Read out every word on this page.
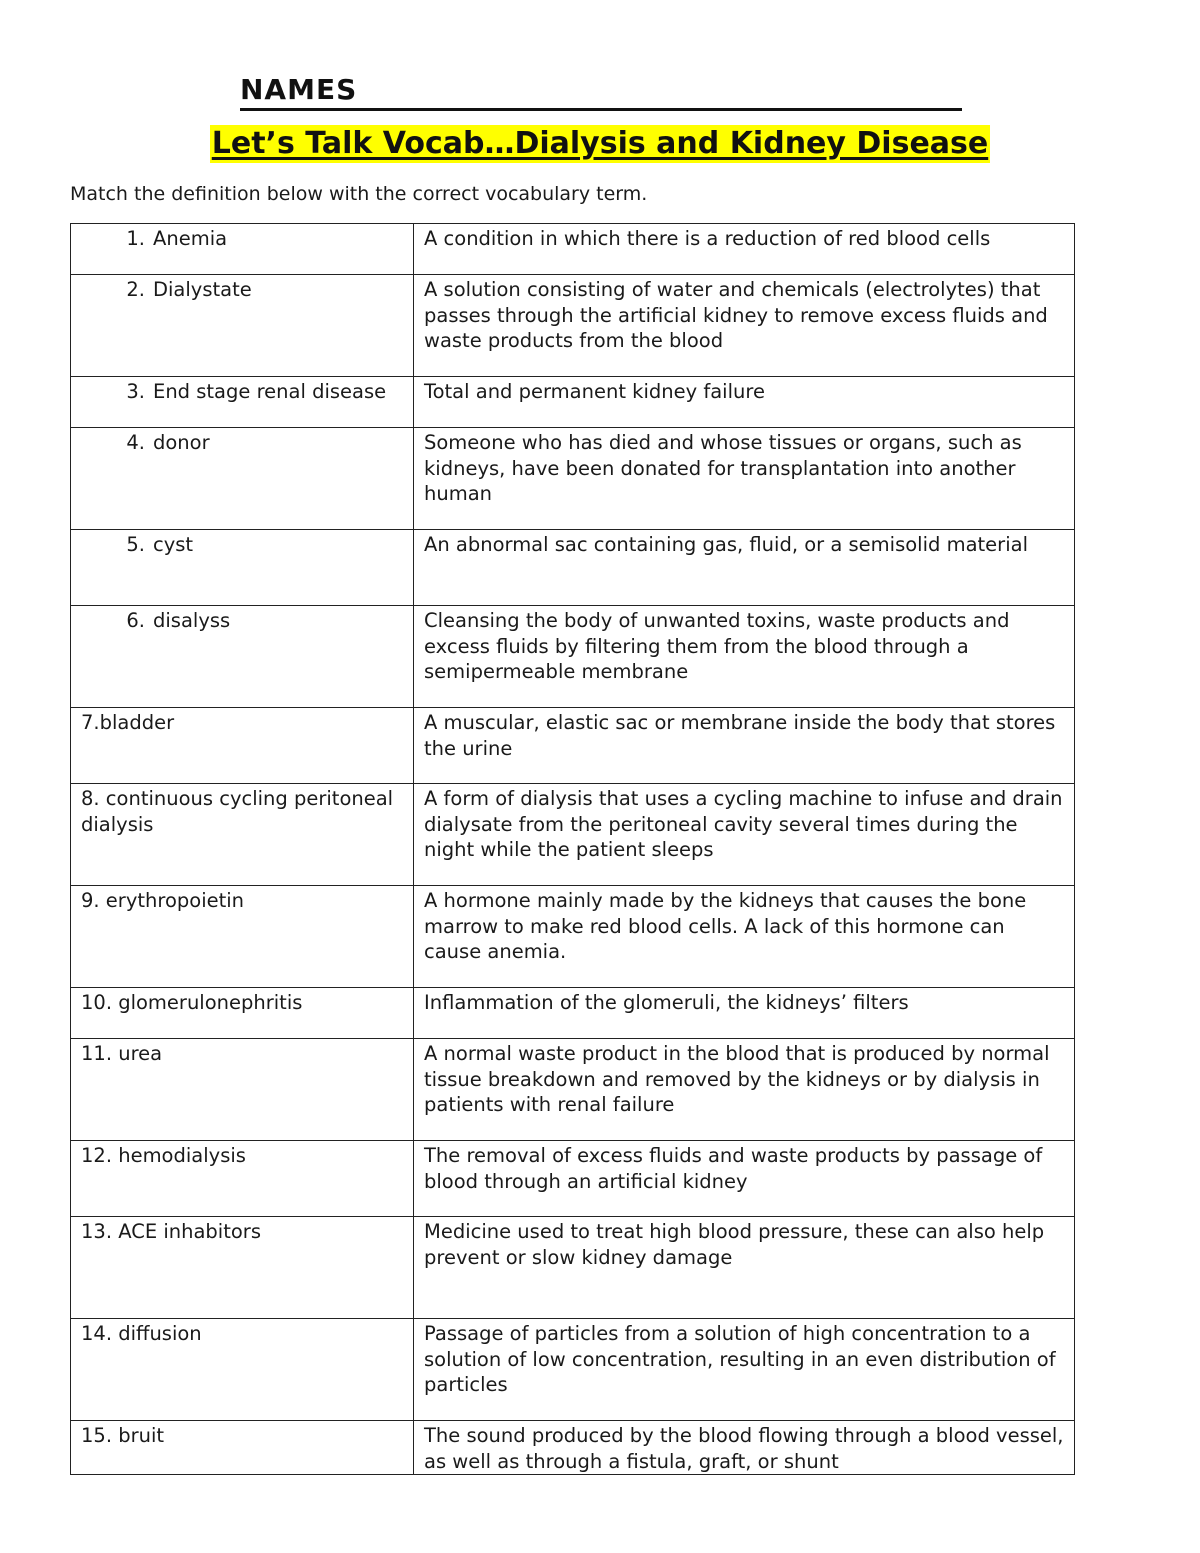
NAMES
Let’s Talk Vocab…Dialysis and Kidney Disease
Match the definition below with the correct vocabulary term.
1. Anemia	A condition in which there is a reduction of red blood cells

2. Dialystate	A solution consisting of water and chemicals (electrolytes) that passes through the artificial kidney to remove excess fluids and waste products from the blood

3. End stage renal disease	Total and permanent kidney failure

4. donor	Someone who has died and whose tissues or organs, such as kidneys, have been donated for transplantation into another human

5. cyst	An abnormal sac containing gas, fluid, or a semisolid material

6. disalyss	Cleansing the body of unwanted toxins, waste products and excess fluids by filtering them from the blood through a semipermeable membrane
7.bladder	A muscular, elastic sac or membrane inside the body that stores the urine
8. continuous cycling peritoneal dialysis	A form of dialysis that uses a cycling machine to infuse and drain dialysate from the peritoneal cavity several times during the night while the patient sleeps
9. erythropoietin	A hormone mainly made by the kidneys that causes the bone marrow to make red blood cells. A lack of this hormone can cause anemia.
10. glomerulonephritis	Inflammation of the glomeruli, the kidneys’ filters
11. urea	A normal waste product in the blood that is produced by normal tissue breakdown and removed by the kidneys or by dialysis in patients with renal failure
12. hemodialysis	The removal of excess fluids and waste products by passage of blood through an artificial kidney
13. ACE inhabitors	Medicine used to treat high blood pressure, these can also help prevent or slow kidney damage
14. diffusion	Passage of particles from a solution of high concentration to a solution of low concentration, resulting in an even distribution of particles
15. bruit	The sound produced by the blood flowing through a blood vessel, as well as through a fistula, graft, or shunt
